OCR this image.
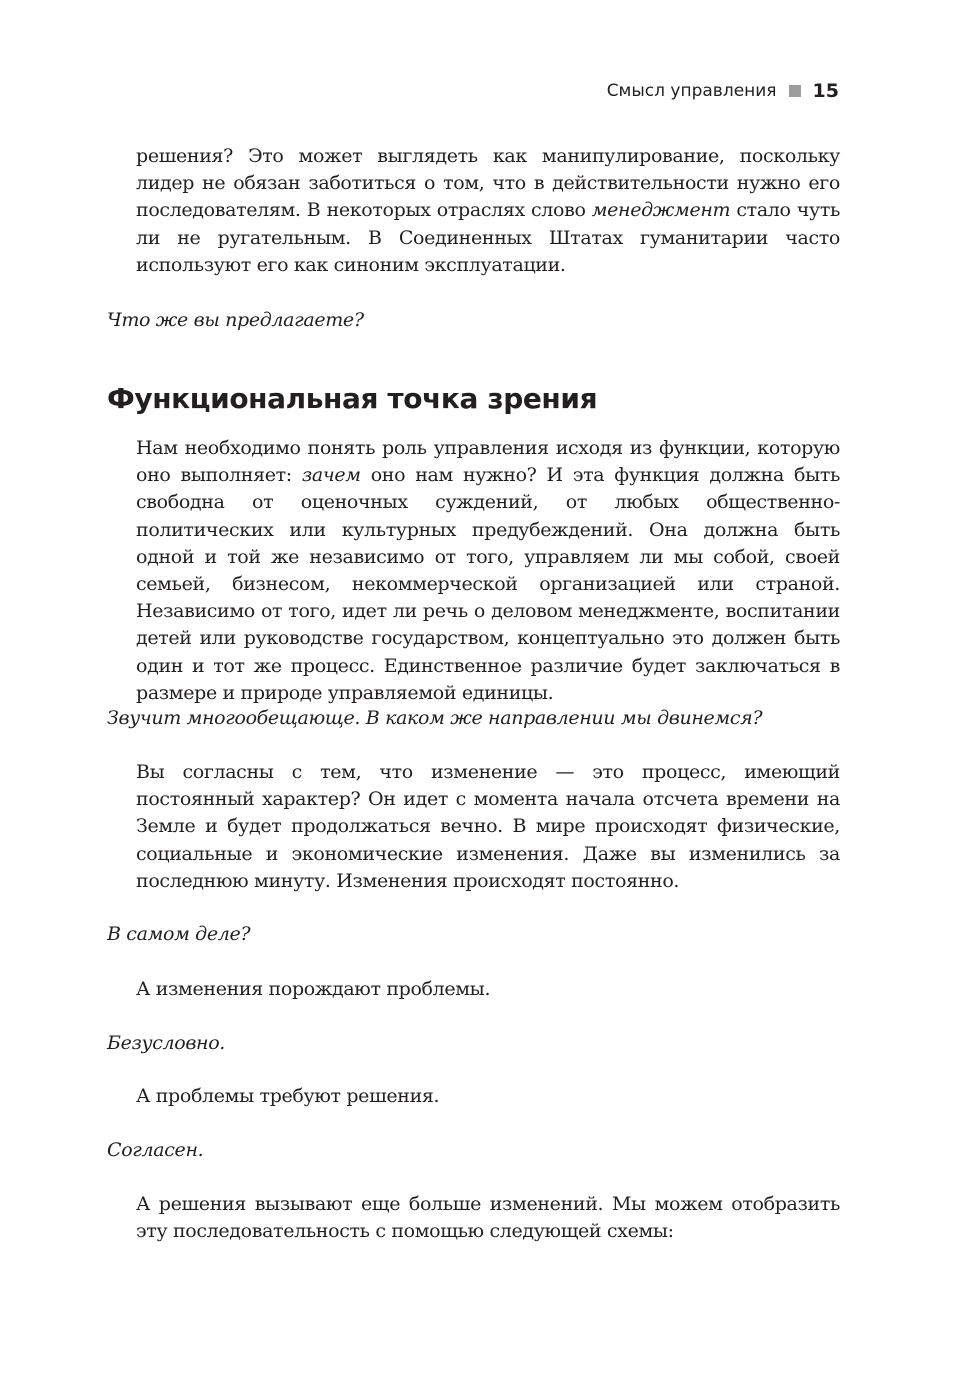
Смысл управления 15

решения? Это может выглядеть как манипулирование, поскольку лидер не обязан заботиться о том, что в действительности нужно его последователям. В некоторых отраслях слово менеджмент стало чуть ли не ругательным. В Соединенных Штатах гуманитарии часто используют его как синоним эксплуатации.

Что же вы предлагаете?

Функциональная точка зрения

Нам необходимо понять роль управления исходя из функции, которую оно выполняет: зачем оно нам нужно? И эта функция должна быть свободна от оценочных суждений, от любых общественно-политических или культурных предубеждений. Она должна быть одной и той же независимо от того, управляем ли мы собой, своей семьей, бизнесом, некоммерческой организацией или страной. Независимо от того, идет ли речь о деловом менеджменте, воспитании детей или руководстве государством, концептуально это должен быть один и тот же процесс. Единственное различие будет заключаться в размере и природе управляемой единицы.

Звучит многообещающе. В каком же направлении мы двинемся?

Вы согласны с тем, что изменение — это процесс, имеющий постоянный характер? Он идет с момента начала отсчета времени на Земле и будет продолжаться вечно. В мире происходят физические, социальные и экономические изменения. Даже вы изменились за последнюю минуту. Изменения происходят постоянно.

В самом деле?

А изменения порождают проблемы.

Безусловно.

А проблемы требуют решения.

Согласен.

А решения вызывают еще больше изменений. Мы можем отобразить эту последовательность с помощью следующей схемы:
